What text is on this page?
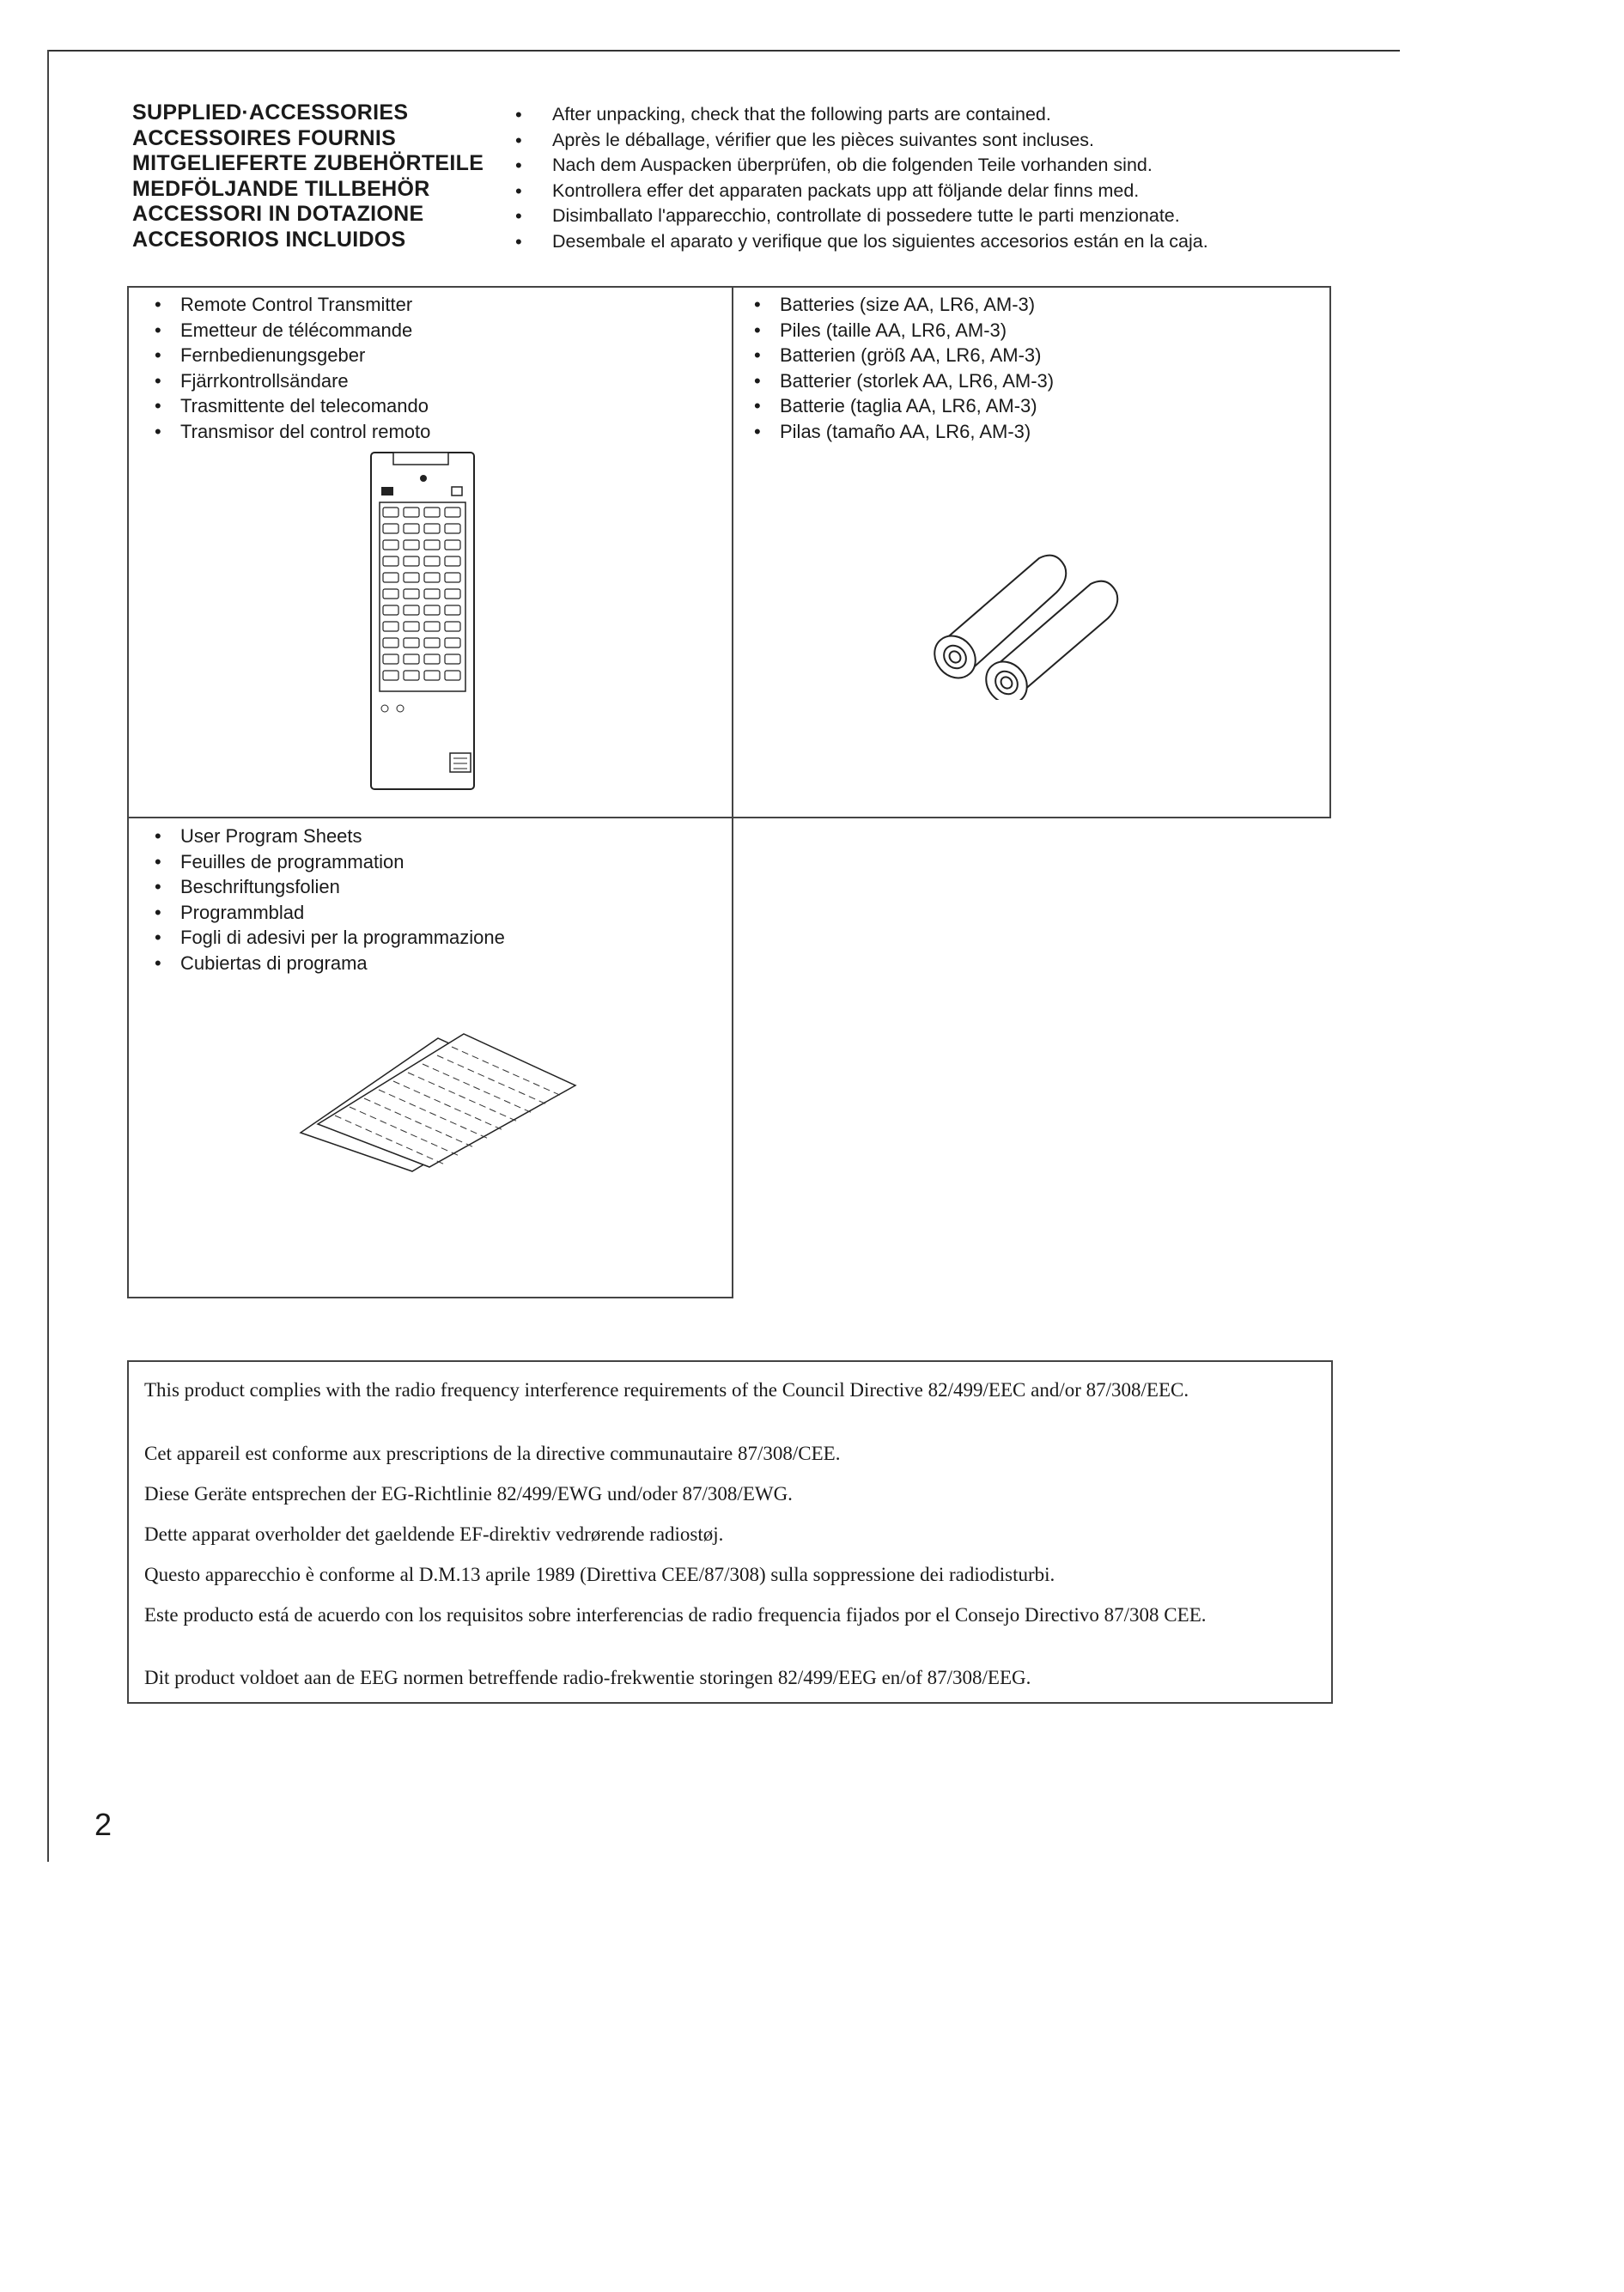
SUPPLIED·ACCESSORIES
ACCESSOIRES FOURNIS
MITGELIEFERTE ZUBEHÖRTEILE
MEDFÖLJANDE TILLBEHÖR
ACCESSORI IN DOTAZIONE
ACCESORIOS INCLUIDOS
• After unpacking, check that the following parts are contained.
• Après le déballage, vérifier que les pièces suivantes sont incluses.
• Nach dem Auspacken überprüfen, ob die folgenden Teile vorhanden sind.
• Kontrollera effer det apparaten packats upp att följande delar finns med.
• Disimballato l'apparecchio, controllate di possedere tutte le parti menzionate.
• Desembale el aparato y verifique que los siguientes accesorios están en la caja.
• Remote Control Transmitter
• Emetteur de télécommande
• Fernbedienungsgeber
• Fjärrkontrollsändare
• Trasmittente del telecomando
• Transmisor del control remoto
• Batteries (size AA, LR6, AM-3)
• Piles (taille AA, LR6, AM-3)
• Batterien (größ AA, LR6, AM-3)
• Batterier (storlek AA, LR6, AM-3)
• Batterie (taglia AA, LR6, AM-3)
• Pilas (tamaño AA, LR6, AM-3)
• User Program Sheets
• Feuilles de programmation
• Beschriftungsfolien
• Programmblad
• Fogli di adesivi per la programmazione
• Cubiertas di programa

This product complies with the radio frequency interference requirements of the Council Directive 82/499/EEC and/or 87/308/EEC.

Cet appareil est conforme aux prescriptions de la directive communautaire 87/308/CEE.

Diese Geräte entsprechen der EG-Richtlinie 82/499/EWG und/oder 87/308/EWG.

Dette apparat overholder det gaeldende EF-direktiv vedrørende radiostøj.

Questo apparecchio è conforme al D.M.13 aprile 1989 (Direttiva CEE/87/308) sulla soppressione dei radiodisturbi.

Este producto está de acuerdo con los requisitos sobre interferencias de radio frequencia fijados por el Consejo Directivo 87/308 CEE.

Dit product voldoet aan de EEG normen betreffende radio-frekwentie storingen 82/499/EEG en/of 87/308/EEG.

2
